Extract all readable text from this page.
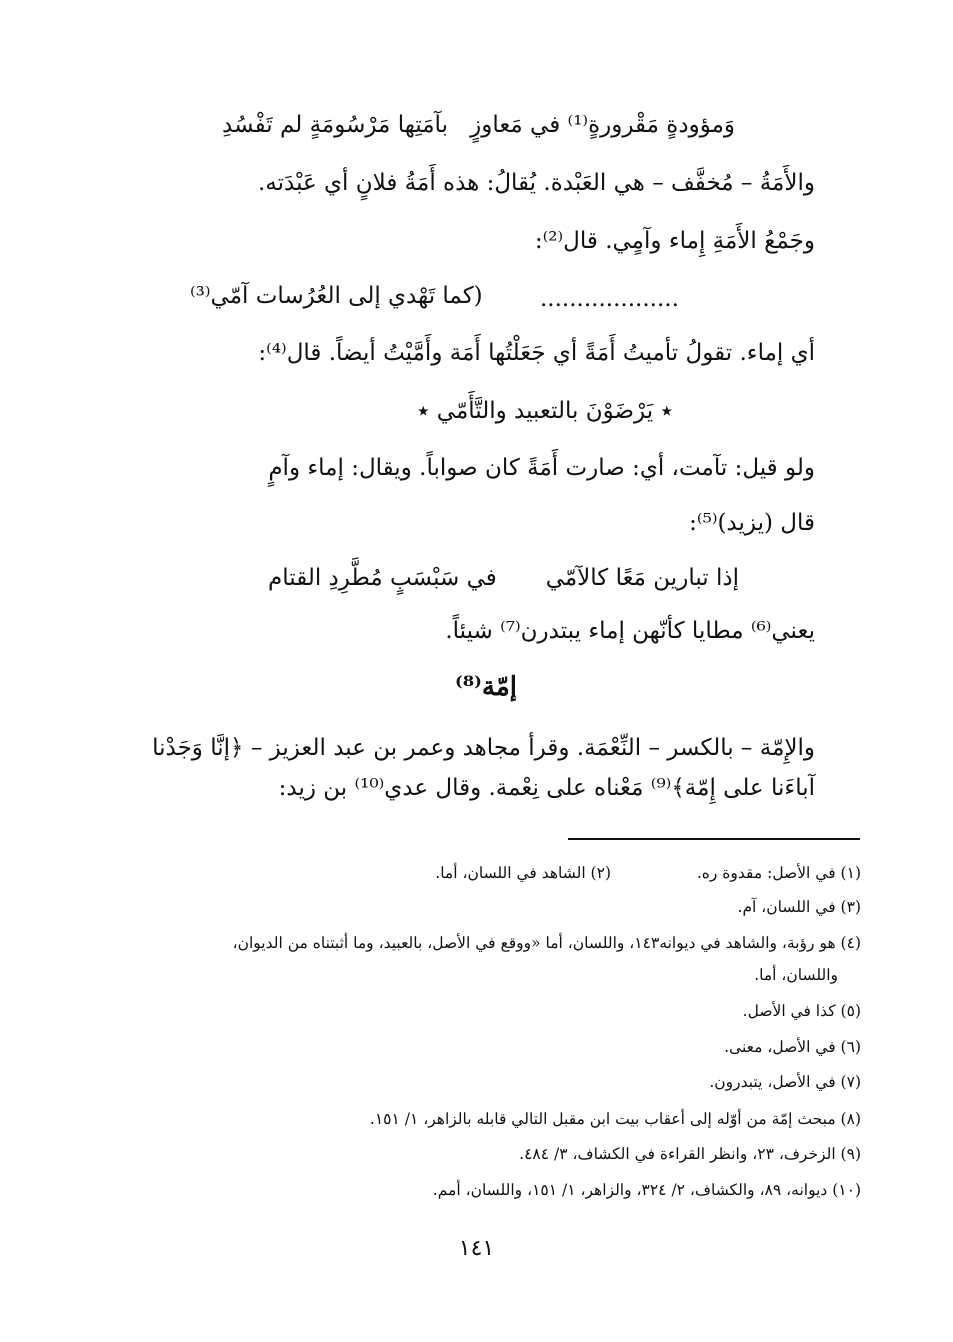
وَمؤودةٍ مَقْرورةٍ⁽¹⁾ في مَعاوزٍ
بآمَتِها مَرْسُومَةٍ لم تَفْسُدِ
والأَمَةُ – مُخفَّف – هي العَبْدة. يُقالُ: هذه أَمَةُ فلانٍ أي عَبْدَته.
وجَمْعُ الأَمَةِ إِماء وآمٍي. قال⁽²⁾:
...................
(كما تَهْدي إلى العُرُسات آمّي⁽³⁾
أي إماء. تقولُ تأميتُ أَمَةً أي جَعَلْتُها أَمَة وأَمَّيْتُ أيضاً. قال⁽⁴⁾:
٭ يَرْضَوْنَ بالتعبيد والتَّأَمّي ٭
ولو قيل: تآمت، أي: صارت أَمَةً كان صواباً. ويقال: إماء وآمٍ
قال (يزيد)⁽⁵⁾:
إذا تبارين مَعًا كالآمّي
في سَبْسَبٍ مُطَّرِدِ القتام
يعني⁽⁶⁾ مطايا كأنّهن إماء يبتدرن⁽⁷⁾ شيئاً.
إمّة⁽⁸⁾
والإِمّة – بالكسر – النِّعْمَة. وقرأ مجاهد وعمر بن عبد العزيز – ﴿إنَّا وَجَدْنا
آباءَنا على إِمّة﴾⁽⁹⁾ مَعْناه على نِعْمة. وقال عدي⁽¹⁰⁾ بن زيد:
(١) في الأصل: مقدوة ره.
(٢) الشاهد في اللسان، أما.
(٣) في اللسان، آم.
(٤) هو رؤبة، والشاهد في ديوانه١٤٣، واللسان، أما «ووقع في الأصل، بالعبيد، وما أثبتناه من الديوان،
واللسان، أما.
(٥) كذا في الأصل.
(٦) في الأصل، معنى.
(٧) في الأصل، يتبدرون.
(٨) مبحث إمّة من أوّله إلى أعقاب بيت ابن مقبل التالي قابله بالزاهر، ١/ ١٥١.
(٩) الزخرف، ٢٣، وانظر القراءة في الكشاف، ٣/ ٤٨٤.
(١٠) ديوانه، ٨٩، والكشاف، ٢/ ٣٢٤، والزاهر، ١/ ١٥١، واللسان، أمم.
١٤١
